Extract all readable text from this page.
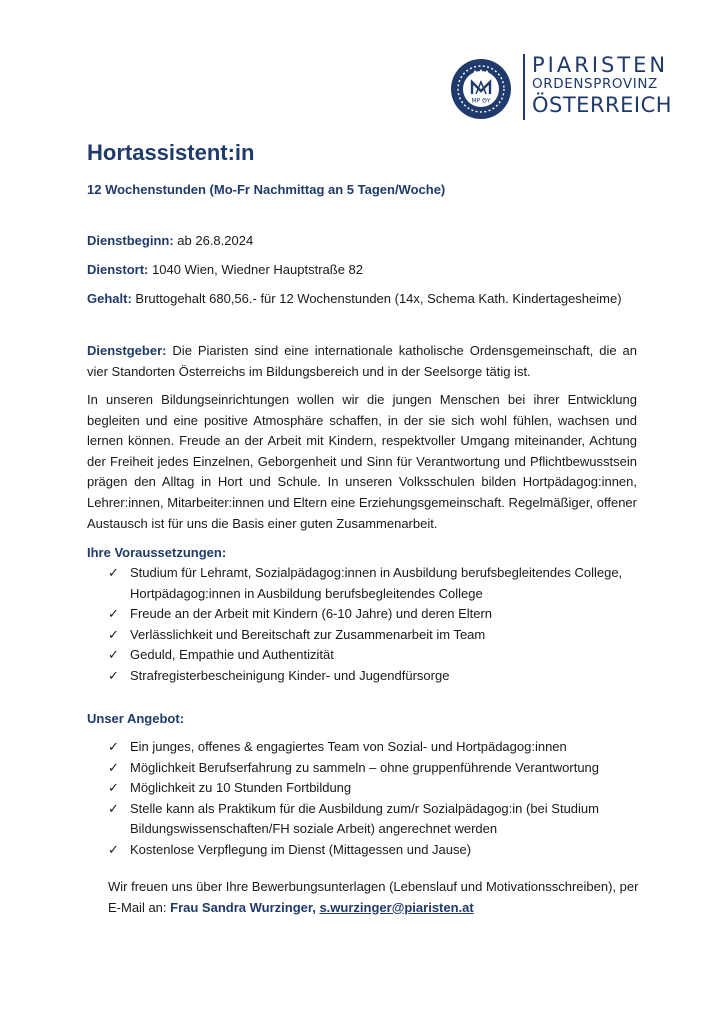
MP ΘY
PIARISTEN
ORDENSPROVINZ
ÖSTERREICH
Hortassistent:in
12 Wochenstunden (Mo-Fr Nachmittag an 5 Tagen/Woche)
Dienstbeginn: ab 26.8.2024
Dienstort: 1040 Wien, Wiedner Hauptstraße 82
Gehalt: Bruttogehalt 680,56.- für 12 Wochenstunden (14x, Schema Kath. Kindertagesheime)
Dienstgeber: Die Piaristen sind eine internationale katholische Ordensgemeinschaft, die an vier Standorten Österreichs im Bildungsbereich und in der Seelsorge tätig ist.
In unseren Bildungseinrichtungen wollen wir die jungen Menschen bei ihrer Entwicklung begleiten und eine positive Atmosphäre schaffen, in der sie sich wohl fühlen, wachsen und lernen können. Freude an der Arbeit mit Kindern, respektvoller Umgang miteinander, Achtung der Freiheit jedes Einzelnen, Geborgenheit und Sinn für Verantwortung und Pflichtbewusstsein prägen den Alltag in Hort und Schule. In unseren Volksschulen bilden Hortpädagog:innen, Lehrer:innen, Mitarbeiter:innen und Eltern eine Erziehungsgemeinschaft. Regelmäßiger, offener Austausch ist für uns die Basis einer guten Zusammenarbeit.
Ihre Voraussetzungen:
✓ Studium für Lehramt, Sozialpädagog:innen in Ausbildung berufsbegleitendes College, Hortpädagog:innen in Ausbildung berufsbegleitendes College
✓ Freude an der Arbeit mit Kindern (6-10 Jahre) und deren Eltern
✓ Verlässlichkeit und Bereitschaft zur Zusammenarbeit im Team
✓ Geduld, Empathie und Authentizität
✓ Strafregisterbescheinigung Kinder- und Jugendfürsorge
Unser Angebot:
✓ Ein junges, offenes & engagiertes Team von Sozial- und Hortpädagog:innen
✓ Möglichkeit Berufserfahrung zu sammeln – ohne gruppenführende Verantwortung
✓ Möglichkeit zu 10 Stunden Fortbildung
✓ Stelle kann als Praktikum für die Ausbildung zum/r Sozialpädagog:in (bei Studium Bildungswissenschaften/FH soziale Arbeit) angerechnet werden
✓ Kostenlose Verpflegung im Dienst (Mittagessen und Jause)
Wir freuen uns über Ihre Bewerbungsunterlagen (Lebenslauf und Motivationsschreiben), per E-Mail an: Frau Sandra Wurzinger, s.wurzinger@piaristen.at
